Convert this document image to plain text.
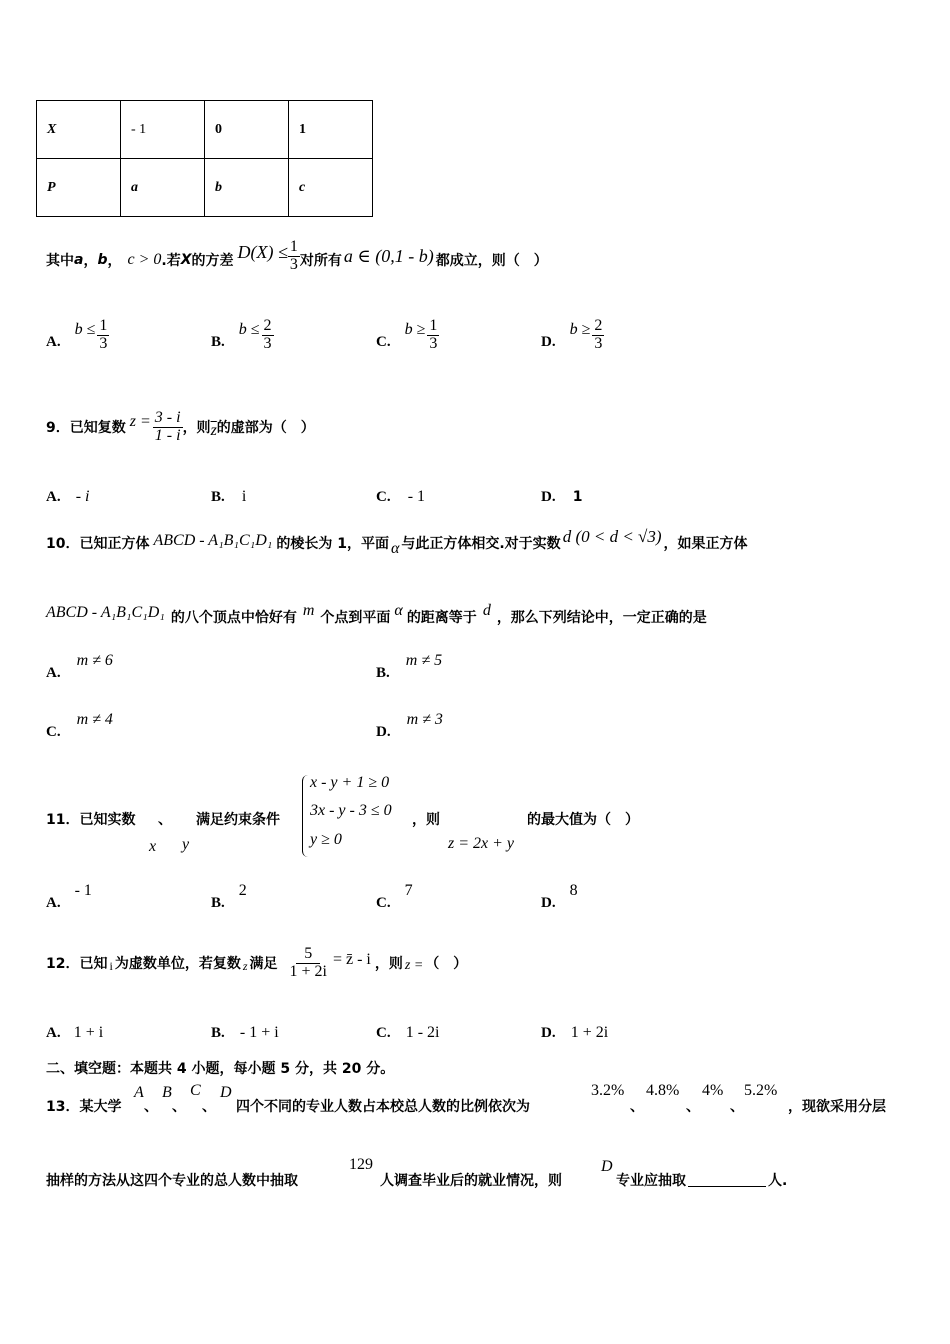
X	- 1	0	1
P	a	b	c
其中 a ， b ， c > 0 .若 X 的方差 $D(X) \le \frac{1}{3}$ 对所有 a ∈ (0,1 - b) 都成立，则（　）
A.
$b \le \frac{1}{3}$	B.
$b \le \frac{2}{3}$	C.
$b \ge \frac{1}{3}$	D.
$b \ge \frac{2}{3}$
9．已知复数 $z = \frac{3 - i}{1 - i}$ ，则 $\overline{z}$ 的虚部为（　）
A. - i	B. i	C. - 1	D. 1
10．已知正方体 ABCD - A₁B₁C₁D₁ 的棱长为 1，平面 α 与此正方体相交.对于实数 d (0 < d < √3) ，如果正方体
ABCD - A₁B₁C₁D₁ 的八个顶点中恰好有 m 个点到平面 α 的距离等于 d ，那么下列结论中，一定正确的是
A.
m ≠ 6
B.
m ≠ 5
C.
m ≠ 4
D.
m ≠ 3
11．已知实数
x
、
y
满足约束条件
x - y + 1 ≥ 0
3x - y - 3 ≤ 0
y ≥ 0
，则
z = 2x + y
的最大值为（　）
A.
- 1
B.
2
C.
7
D.
8
12．已知 i 为虚数单位，若复数 z 满足 $\frac{5}{1 + 2i}$ = z̄ - i ，则 z = （　）
A. 1 + i	B. - 1 + i	C. 1 - 2i	D. 1 + 2i
二、填空题：本题共 4 小题，每小题 5 分，共 20 分。
13．某大学
A
、
B
、
C
、
D
四个不同的专业人数占本校总人数的比例依次为
3.2%
、
4.8%
、
4%
、
5.2%
，现欲采用分层
抽样的方法从这四个专业的总人数中抽取
129
人调查毕业后的就业情况，则
D
专业应抽取	人.
